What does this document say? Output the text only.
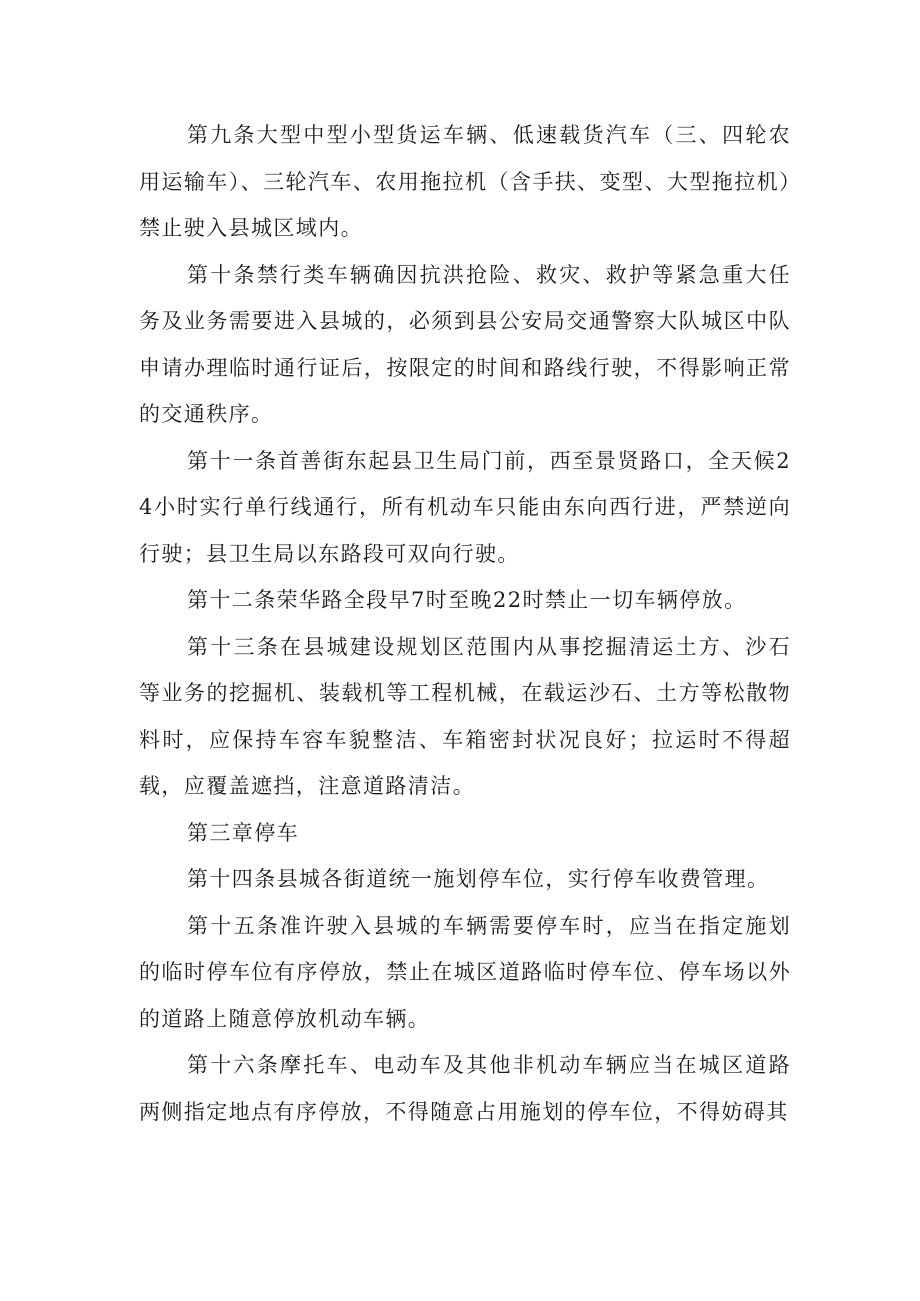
第九条大型中型小型货运车辆、低速载货汽车（三、四轮农用运输车）、三轮汽车、农用拖拉机（含手扶、变型、大型拖拉机）禁止驶入县城区域内。

第十条禁行类车辆确因抗洪抢险、救灾、救护等紧急重大任务及业务需要进入县城的，必须到县公安局交通警察大队城区中队申请办理临时通行证后，按限定的时间和路线行驶，不得影响正常的交通秩序。

第十一条首善街东起县卫生局门前，西至景贤路口，全天候24小时实行单行线通行，所有机动车只能由东向西行进，严禁逆向行驶；县卫生局以东路段可双向行驶。

第十二条荣华路全段早7时至晚22时禁止一切车辆停放。

第十三条在县城建设规划区范围内从事挖掘清运土方、沙石等业务的挖掘机、装载机等工程机械，在载运沙石、土方等松散物料时，应保持车容车貌整洁、车箱密封状况良好；拉运时不得超载，应覆盖遮挡，注意道路清洁。

第三章停车

第十四条县城各街道统一施划停车位，实行停车收费管理。

第十五条准许驶入县城的车辆需要停车时，应当在指定施划的临时停车位有序停放，禁止在城区道路临时停车位、停车场以外的道路上随意停放机动车辆。

第十六条摩托车、电动车及其他非机动车辆应当在城区道路两侧指定地点有序停放，不得随意占用施划的停车位，不得妨碍其
